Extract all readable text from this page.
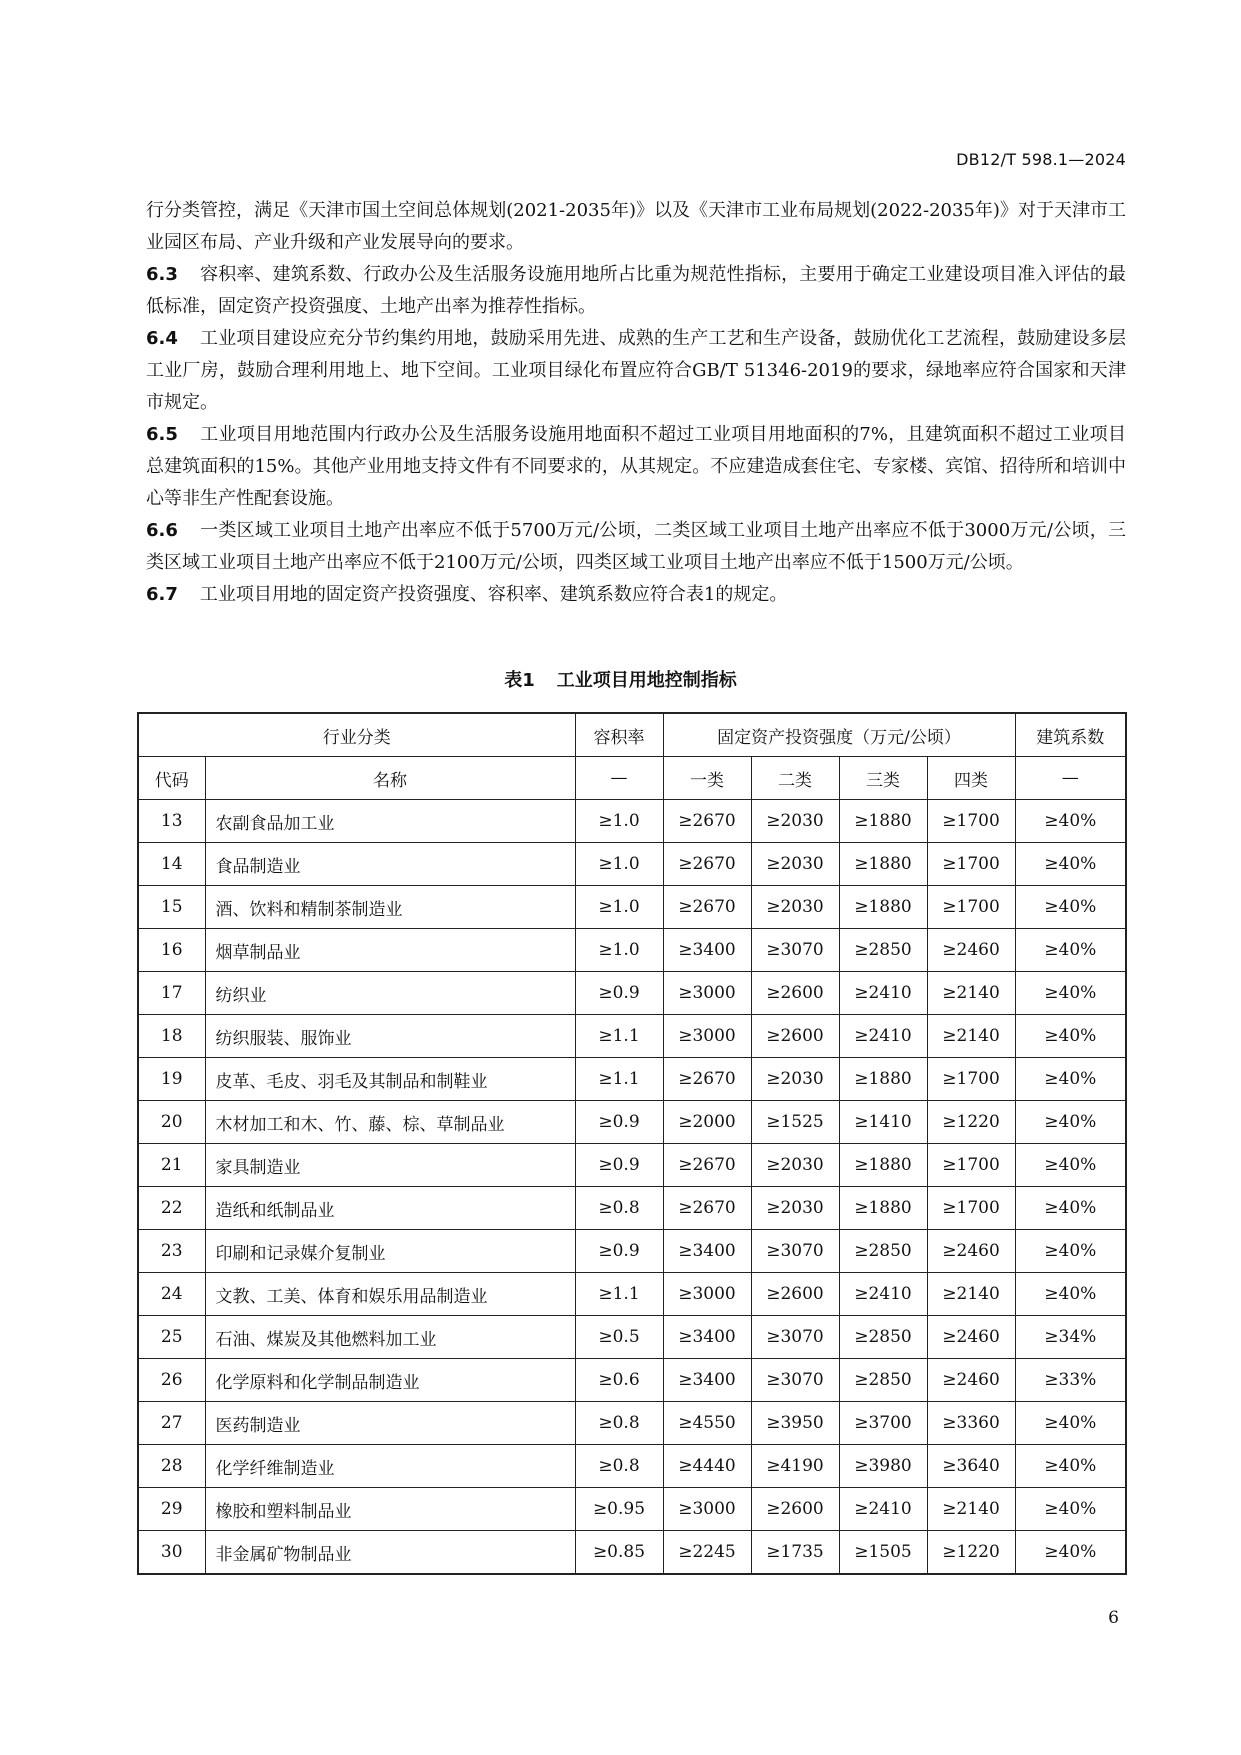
DB12/T 598.1—2024

行分类管控，满足《天津市国土空间总体规划(2021-2035年)》以及《天津市工业布局规划(2022-2035年)》对于天津市工业园区布局、产业升级和产业发展导向的要求。

6.3 容积率、建筑系数、行政办公及生活服务设施用地所占比重为规范性指标，主要用于确定工业建设项目准入评估的最低标准，固定资产投资强度、土地产出率为推荐性指标。

6.4 工业项目建设应充分节约集约用地，鼓励采用先进、成熟的生产工艺和生产设备，鼓励优化工艺流程，鼓励建设多层工业厂房，鼓励合理利用地上、地下空间。工业项目绿化布置应符合GB/T 51346-2019的要求，绿地率应符合国家和天津市规定。

6.5 工业项目用地范围内行政办公及生活服务设施用地面积不超过工业项目用地面积的7%，且建筑面积不超过工业项目总建筑面积的15%。其他产业用地支持文件有不同要求的，从其规定。不应建造成套住宅、专家楼、宾馆、招待所和培训中心等非生产性配套设施。

6.6 一类区域工业项目土地产出率应不低于5700万元/公顷，二类区域工业项目土地产出率应不低于3000万元/公顷，三类区域工业项目土地产出率应不低于2100万元/公顷，四类区域工业项目土地产出率应不低于1500万元/公顷。

6.7 工业项目用地的固定资产投资强度、容积率、建筑系数应符合表1的规定。

表1 工业项目用地控制指标
行业分类		容积率	固定资产投资强度（万元/公顷）				建筑系数
代码	名称	—	一类	二类	三类	四类	—
13	农副食品加工业	≥1.0	≥2670	≥2030	≥1880	≥1700	≥40%
14	食品制造业	≥1.0	≥2670	≥2030	≥1880	≥1700	≥40%
15	酒、饮料和精制茶制造业	≥1.0	≥2670	≥2030	≥1880	≥1700	≥40%
16	烟草制品业	≥1.0	≥3400	≥3070	≥2850	≥2460	≥40%
17	纺织业	≥0.9	≥3000	≥2600	≥2410	≥2140	≥40%
18	纺织服装、服饰业	≥1.1	≥3000	≥2600	≥2410	≥2140	≥40%
19	皮革、毛皮、羽毛及其制品和制鞋业	≥1.1	≥2670	≥2030	≥1880	≥1700	≥40%
20	木材加工和木、竹、藤、棕、草制品业	≥0.9	≥2000	≥1525	≥1410	≥1220	≥40%
21	家具制造业	≥0.9	≥2670	≥2030	≥1880	≥1700	≥40%
22	造纸和纸制品业	≥0.8	≥2670	≥2030	≥1880	≥1700	≥40%
23	印刷和记录媒介复制业	≥0.9	≥3400	≥3070	≥2850	≥2460	≥40%
24	文教、工美、体育和娱乐用品制造业	≥1.1	≥3000	≥2600	≥2410	≥2140	≥40%
25	石油、煤炭及其他燃料加工业	≥0.5	≥3400	≥3070	≥2850	≥2460	≥34%
26	化学原料和化学制品制造业	≥0.6	≥3400	≥3070	≥2850	≥2460	≥33%
27	医药制造业	≥0.8	≥4550	≥3950	≥3700	≥3360	≥40%
28	化学纤维制造业	≥0.8	≥4440	≥4190	≥3980	≥3640	≥40%
29	橡胶和塑料制品业	≥0.95	≥3000	≥2600	≥2410	≥2140	≥40%
30	非金属矿物制品业	≥0.85	≥2245	≥1735	≥1505	≥1220	≥40%
6
